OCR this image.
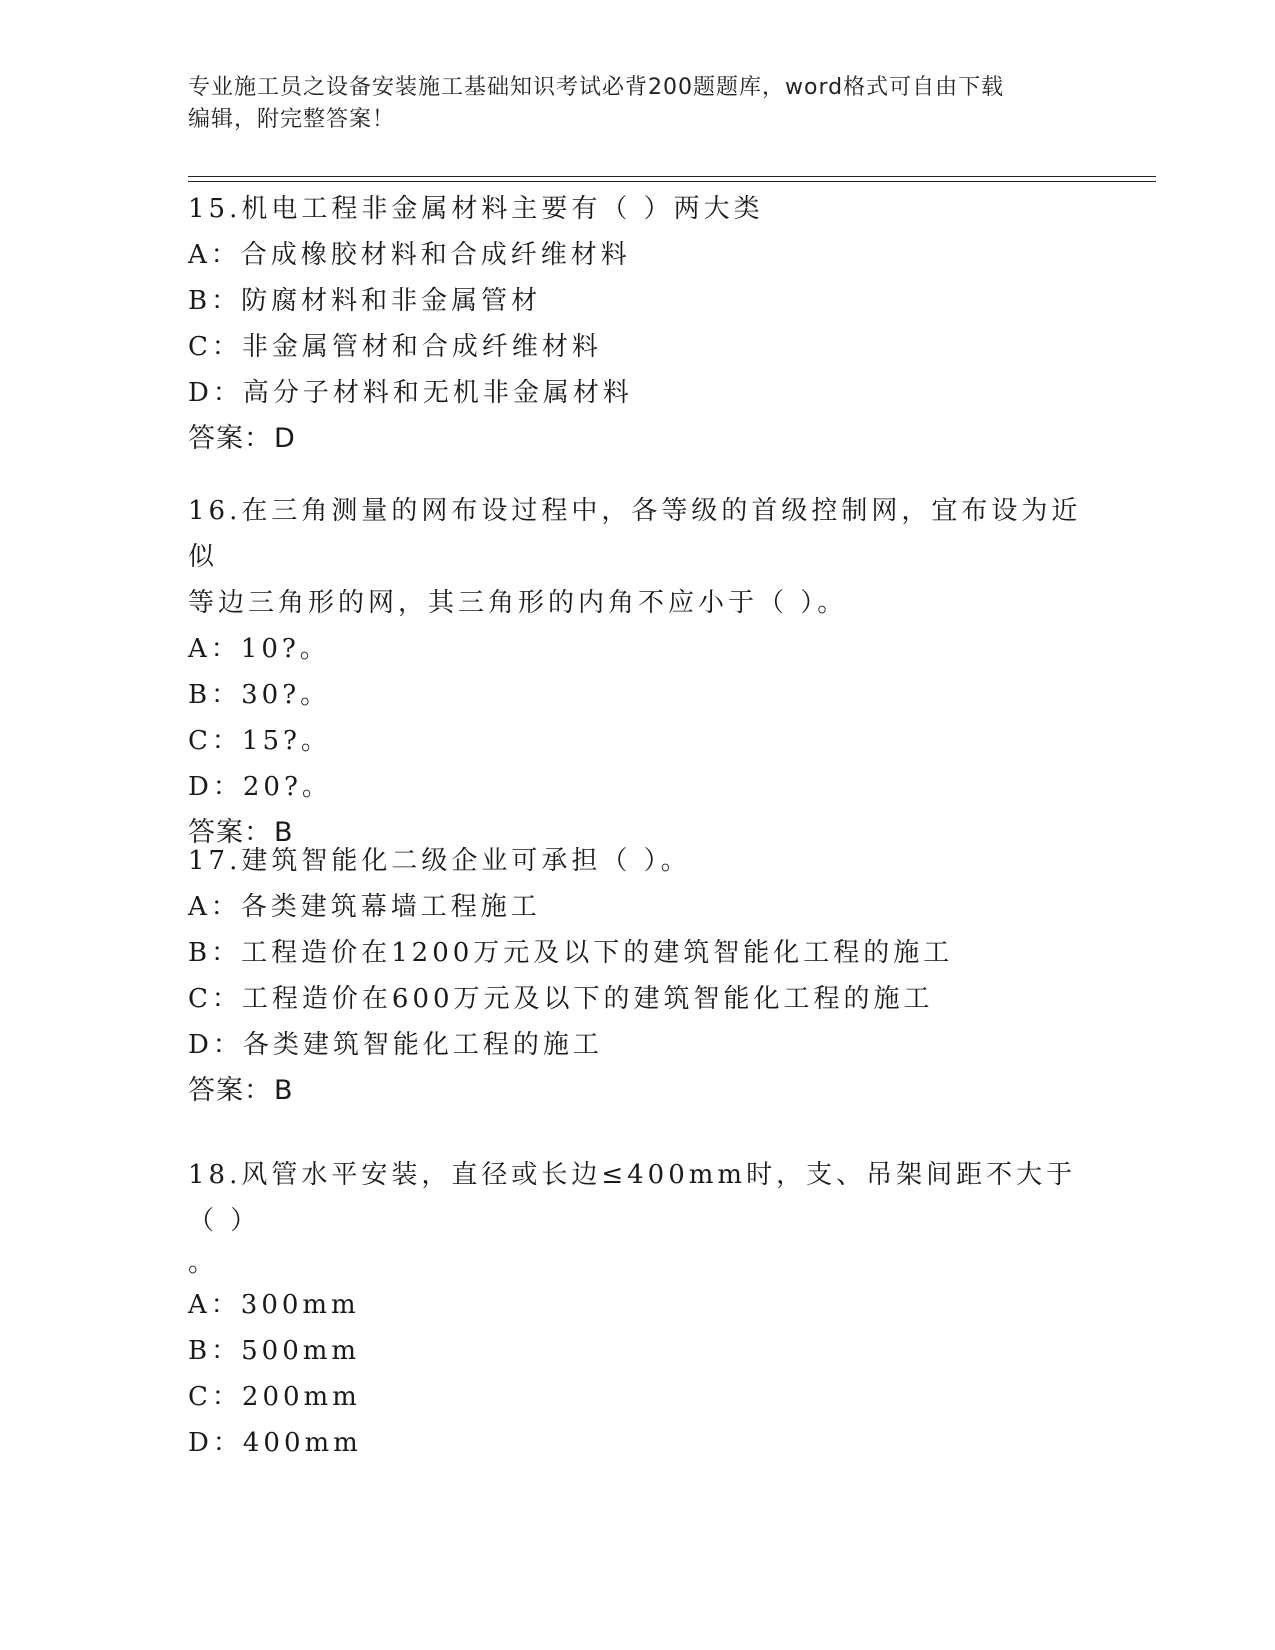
专业施工员之设备安装施工基础知识考试必背200题题库，word格式可自由下载
编辑，附完整答案！
15.机电工程非金属材料主要有（ ）两大类
A：合成橡胶材料和合成纤维材料
B：防腐材料和非金属管材
C：非金属管材和合成纤维材料
D：高分子材料和无机非金属材料
答案：D
16.在三角测量的网布设过程中，各等级的首级控制网，宜布设为近似
等边三角形的网，其三角形的内角不应小于（ ）。
A：10?。
B：30?。
C：15?。
D：20?。
答案：B
17.建筑智能化二级企业可承担（ ）。
A：各类建筑幕墙工程施工
B：工程造价在1200万元及以下的建筑智能化工程的施工
C：工程造价在600万元及以下的建筑智能化工程的施工
D：各类建筑智能化工程的施工
答案：B
18.风管水平安装，直径或长边≤400mm时，支、吊架间距不大于（ ）
。
A：300mm
B：500mm
C：200mm
D：400mm
